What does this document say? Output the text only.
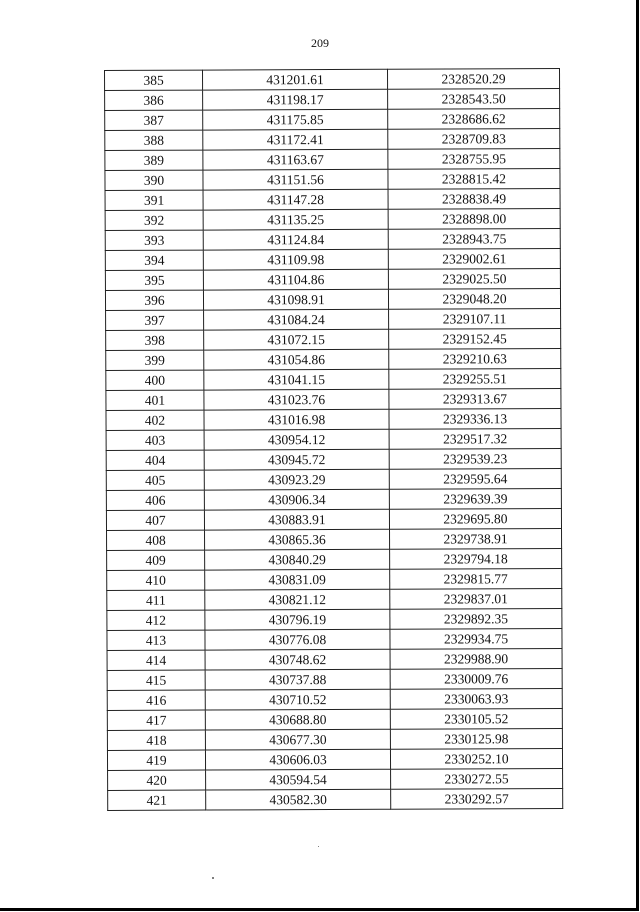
209
385	431201.61	2328520.29
386	431198.17	2328543.50
387	431175.85	2328686.62
388	431172.41	2328709.83
389	431163.67	2328755.95
390	431151.56	2328815.42
391	431147.28	2328838.49
392	431135.25	2328898.00
393	431124.84	2328943.75
394	431109.98	2329002.61
395	431104.86	2329025.50
396	431098.91	2329048.20
397	431084.24	2329107.11
398	431072.15	2329152.45
399	431054.86	2329210.63
400	431041.15	2329255.51
401	431023.76	2329313.67
402	431016.98	2329336.13
403	430954.12	2329517.32
404	430945.72	2329539.23
405	430923.29	2329595.64
406	430906.34	2329639.39
407	430883.91	2329695.80
408	430865.36	2329738.91
409	430840.29	2329794.18
410	430831.09	2329815.77
411	430821.12	2329837.01
412	430796.19	2329892.35
413	430776.08	2329934.75
414	430748.62	2329988.90
415	430737.88	2330009.76
416	430710.52	2330063.93
417	430688.80	2330105.52
418	430677.30	2330125.98
419	430606.03	2330252.10
420	430594.54	2330272.55
421	430582.30	2330292.57
